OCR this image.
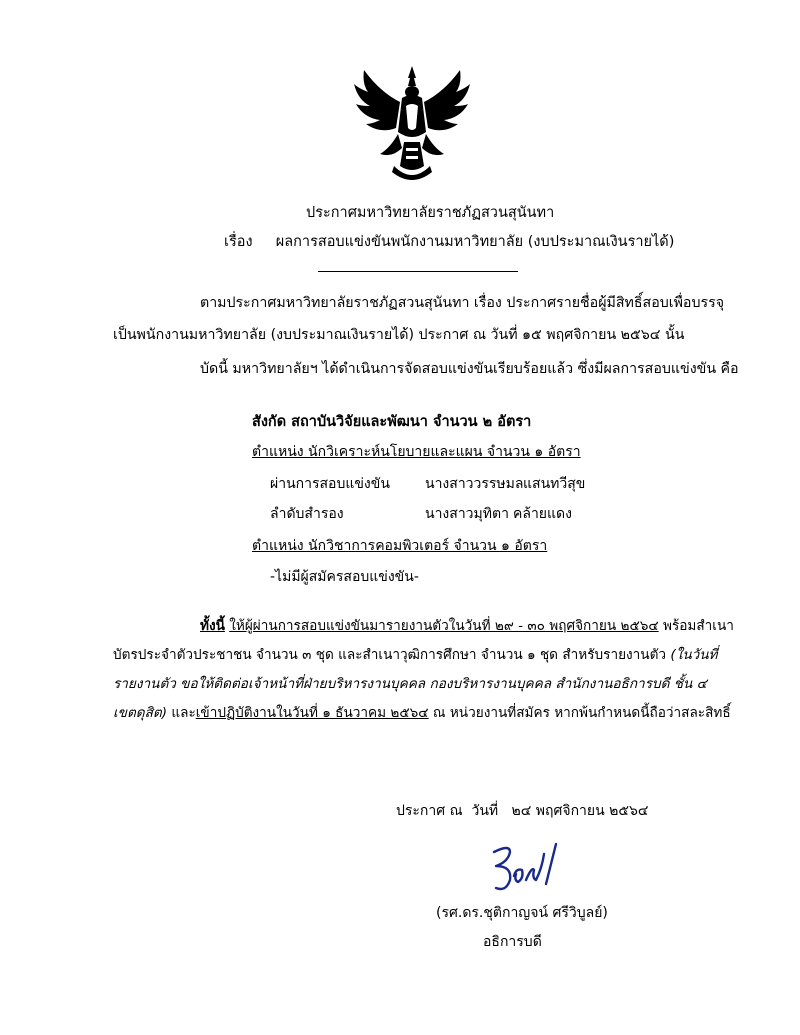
ประกาศมหาวิทยาลัยราชภัฏสวนสุนันทา
เรื่อง ผลการสอบแข่งขันพนักงานมหาวิทยาลัย (งบประมาณเงินรายได้)
ตามประกาศมหาวิทยาลัยราชภัฏสวนสุนันทา เรื่อง ประกาศรายชื่อผู้มีสิทธิ์สอบเพื่อบรรจุ
เป็นพนักงานมหาวิทยาลัย (งบประมาณเงินรายได้) ประกาศ ณ วันที่ ๑๕ พฤศจิกายน ๒๕๖๔ นั้น
บัดนี้ มหาวิทยาลัยฯ ได้ดำเนินการจัดสอบแข่งขันเรียบร้อยแล้ว ซึ่งมีผลการสอบแข่งขัน คือ
สังกัด สถาบันวิจัยและพัฒนา จำนวน ๒ อัตรา
ตำแหน่ง นักวิเคราะห์นโยบายและแผน จำนวน ๑ อัตรา
ผ่านการสอบแข่งขัน	นางสาววรรษมล แสนทวีสุข
ลำดับสำรอง	นางสาวมุทิตา คล้ายแดง
ตำแหน่ง นักวิชาการคอมพิวเตอร์ จำนวน ๑ อัตรา
-ไม่มีผู้สมัครสอบแข่งขัน-
ทั้งนี้ ให้ผู้ผ่านการสอบแข่งขันมารายงานตัวในวันที่ ๒๙ - ๓๐ พฤศจิกายน ๒๕๖๔ พร้อมสำเนา
บัตรประจำตัวประชาชน จำนวน ๓ ชุด และสำเนาวุฒิการศึกษา จำนวน ๑ ชุด สำหรับรายงานตัว (ในวันที่
รายงานตัว ขอให้ติดต่อเจ้าหน้าที่ฝ่ายบริหารงานบุคคล กองบริหารงานบุคคล สำนักงานอธิการบดี ชั้น ๔
เขตดุสิต) และเข้าปฏิบัติงานในวันที่ ๑ ธันวาคม ๒๕๖๔ ณ หน่วยงานที่สมัคร หากพ้นกำหนดนี้ถือว่าสละสิทธิ์
ประกาศ ณ  วันที่   ๒๔ พฤศจิกายน ๒๕๖๔
(รศ.ดร.ชุติกาญจน์ ศรีวิบูลย์)
อธิการบดี
